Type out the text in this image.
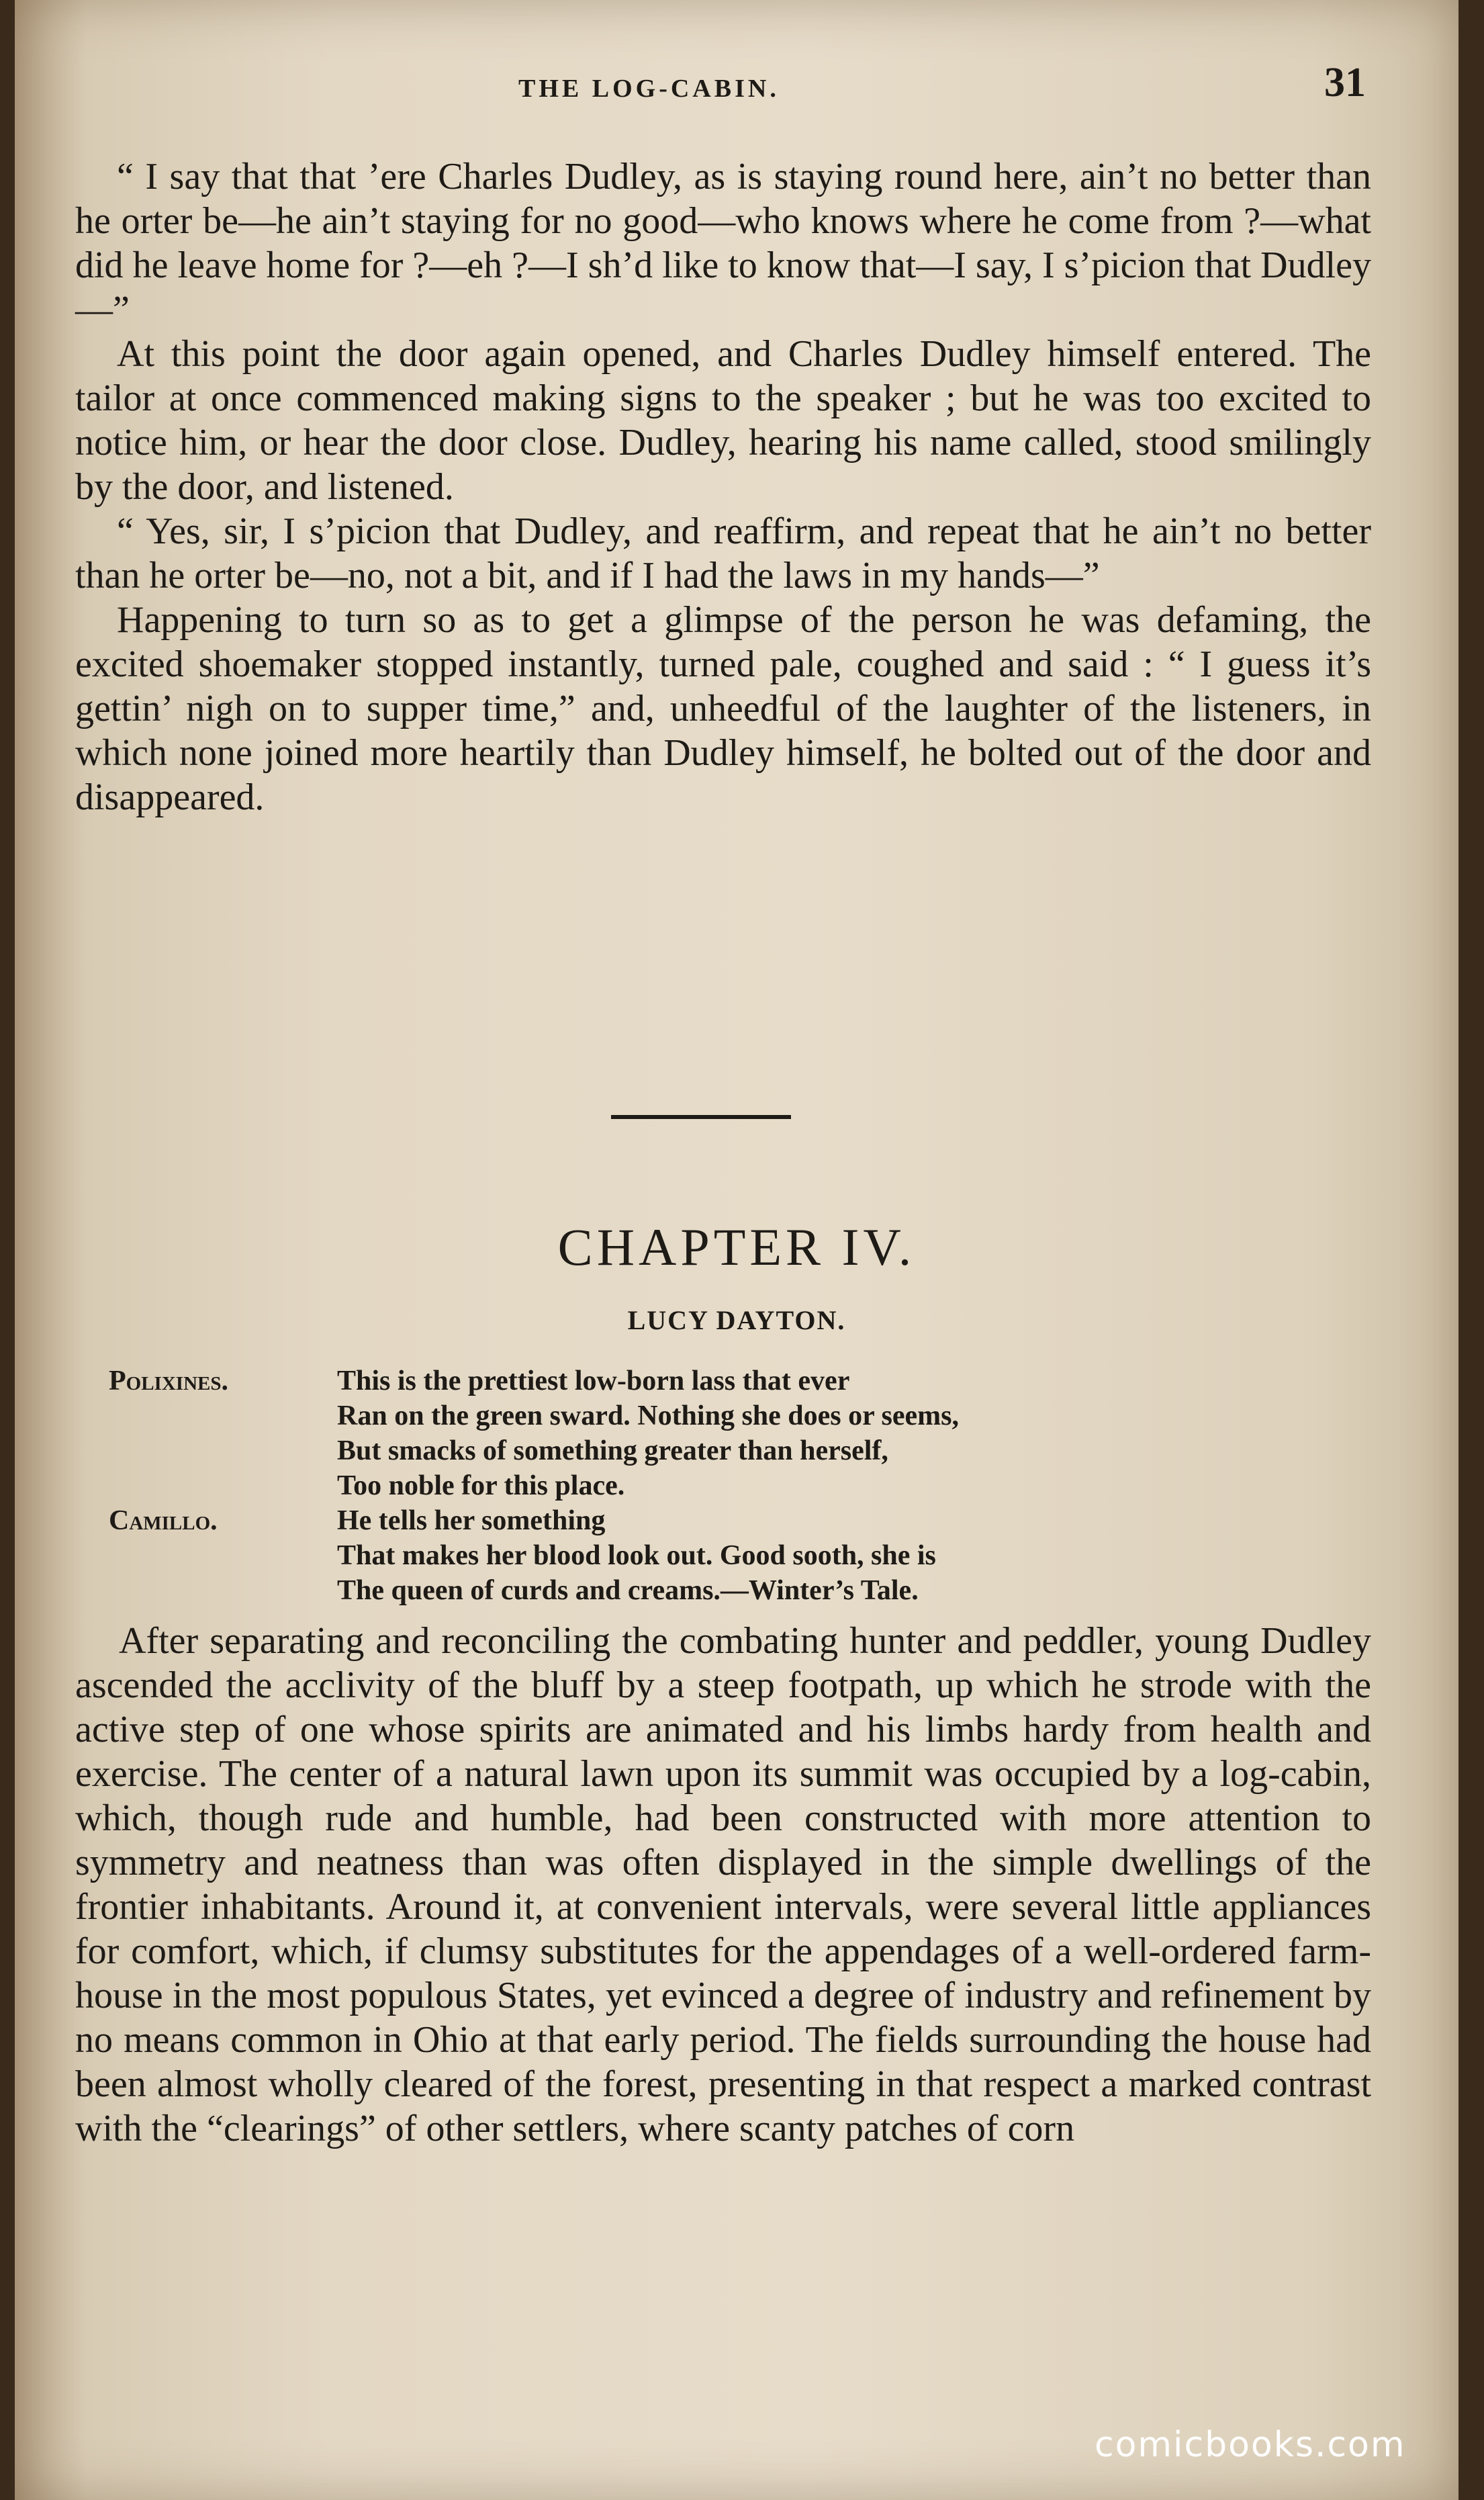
THE LOG-CABIN.	31

“ I say that that ’ere Charles Dudley, as is staying round here, ain’t no better than he orter be—he ain’t staying for no good—who knows where he come from ?—what did he leave home for ?—eh ?—I sh’d like to know that—I say, I s’picion that Dudley—”

At this point the door again opened, and Charles Dudley himself entered. The tailor at once commenced making signs to the speaker ; but he was too excited to notice him, or hear the door close. Dudley, hearing his name called, stood smilingly by the door, and listened.

“ Yes, sir, I s’picion that Dudley, and reaffirm, and repeat that he ain’t no better than he orter be—no, not a bit, and if I had the laws in my hands—”

Happening to turn so as to get a glimpse of the person he was defaming, the excited shoemaker stopped instantly, turned pale, coughed and said : “ I guess it’s gettin’ nigh on to supper time,” and, unheedful of the laughter of the listeners, in which none joined more heartily than Dudley himself, he bolted out of the door and disappeared.

CHAPTER IV.
LUCY DAYTON.
Polixines.	This is the prettiest low-born lass that ever
Ran on the green sward. Nothing she does or seems,
But smacks of something greater than herself,
Too noble for this place.
Camillo.	He tells her something
That makes her blood look out. Good sooth, she is
The queen of curds and creams.—Winter’s Tale.

After separating and reconciling the combating hunter and peddler, young Dudley ascended the acclivity of the bluff by a steep footpath, up which he strode with the active step of one whose spirits are animated and his limbs hardy from health and exercise. The center of a natural lawn upon its summit was occupied by a log-cabin, which, though rude and humble, had been constructed with more attention to symmetry and neatness than was often displayed in the simple dwellings of the frontier inhabitants. Around it, at convenient intervals, were several little appliances for comfort, which, if clumsy substitutes for the appendages of a well-ordered farm-house in the most populous States, yet evinced a degree of industry and refinement by no means common in Ohio at that early period. The fields surrounding the house had been almost wholly cleared of the forest, presenting in that respect a marked contrast with the “clearings” of other settlers, where scanty patches of corn

comicbooks.com
